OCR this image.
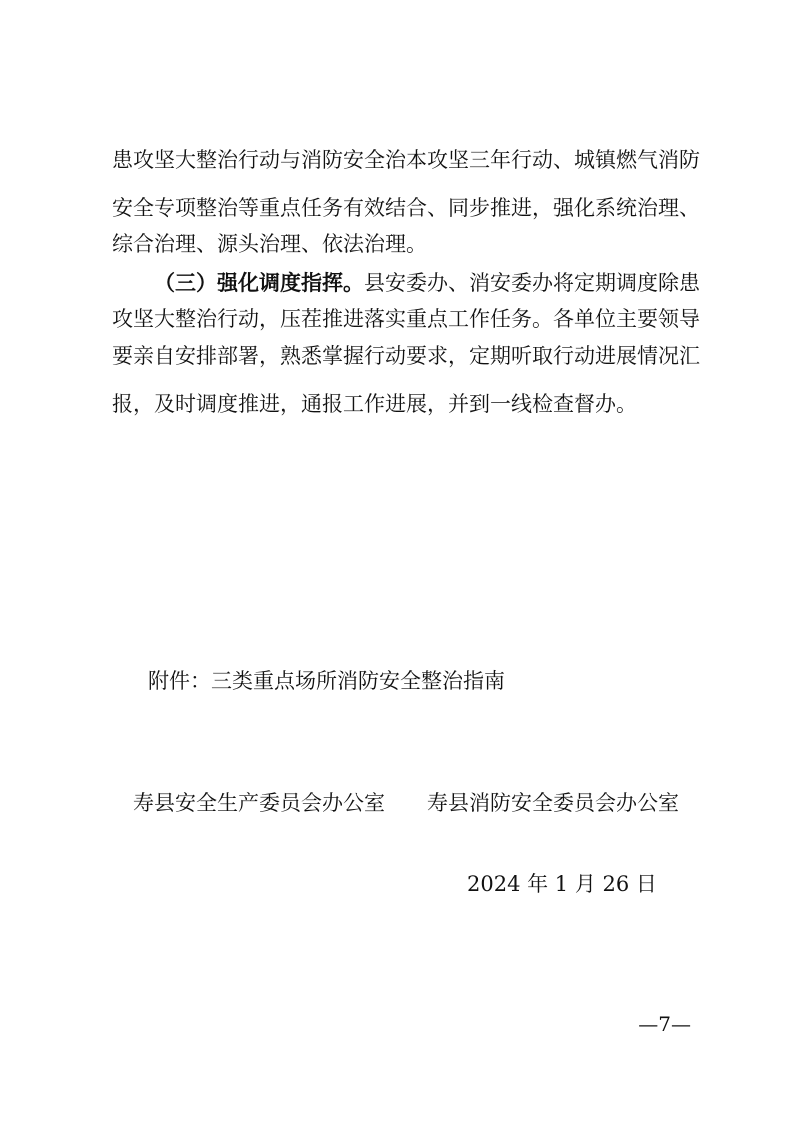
患攻坚大整治行动与消防安全治本攻坚三年行动、城镇燃气消防
安全专项整治等重点任务有效结合、同步推进，强化系统治理、
综合治理、源头治理、依法治理。
（三）强化调度指挥。县安委办、消安委办将定期调度除患
攻坚大整治行动，压茬推进落实重点工作任务。各单位主要领导
要亲自安排部署，熟悉掌握行动要求，定期听取行动进展情况汇
报，及时调度推进，通报工作进展，并到一线检查督办。
附件：三类重点场所消防安全整治指南
寿县安全生产委员会办公室 寿县消防安全委员会办公室
2024 年 1 月 26 日
—7—
